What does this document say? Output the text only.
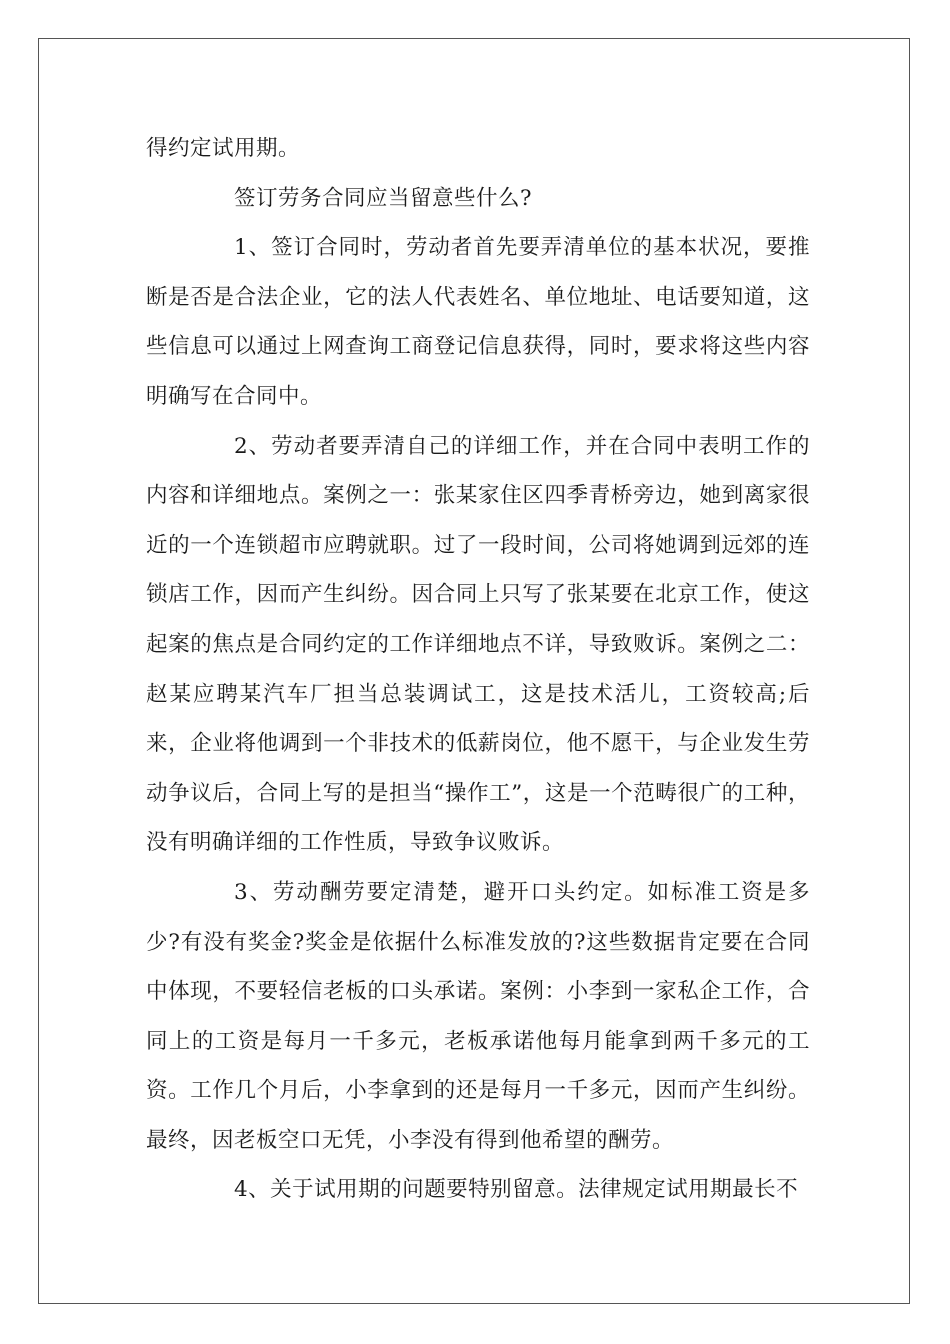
得约定试用期。

签订劳务合同应当留意些什么?

1、签订合同时，劳动者首先要弄清单位的基本状况，要推断是否是合法企业，它的法人代表姓名、单位地址、电话要知道，这些信息可以通过上网查询工商登记信息获得，同时，要求将这些内容明确写在合同中。

2、劳动者要弄清自己的详细工作，并在合同中表明工作的内容和详细地点。案例之一：张某家住区四季青桥旁边，她到离家很近的一个连锁超市应聘就职。过了一段时间，公司将她调到远郊的连锁店工作，因而产生纠纷。因合同上只写了张某要在北京工作，使这起案的焦点是合同约定的工作详细地点不详，导致败诉。案例之二：赵某应聘某汽车厂担当总装调试工，这是技术活儿，工资较高;后来，企业将他调到一个非技术的低薪岗位，他不愿干，与企业发生劳动争议后，合同上写的是担当“操作工”，这是一个范畴很广的工种，没有明确详细的工作性质，导致争议败诉。

3、劳动酬劳要定清楚，避开口头约定。如标准工资是多少?有没有奖金?奖金是依据什么标准发放的?这些数据肯定要在合同中体现，不要轻信老板的口头承诺。案例：小李到一家私企工作，合同上的工资是每月一千多元，老板承诺他每月能拿到两千多元的工资。工作几个月后，小李拿到的还是每月一千多元，因而产生纠纷。最终，因老板空口无凭，小李没有得到他希望的酬劳。

4、关于试用期的问题要特别留意。法律规定试用期最长不
